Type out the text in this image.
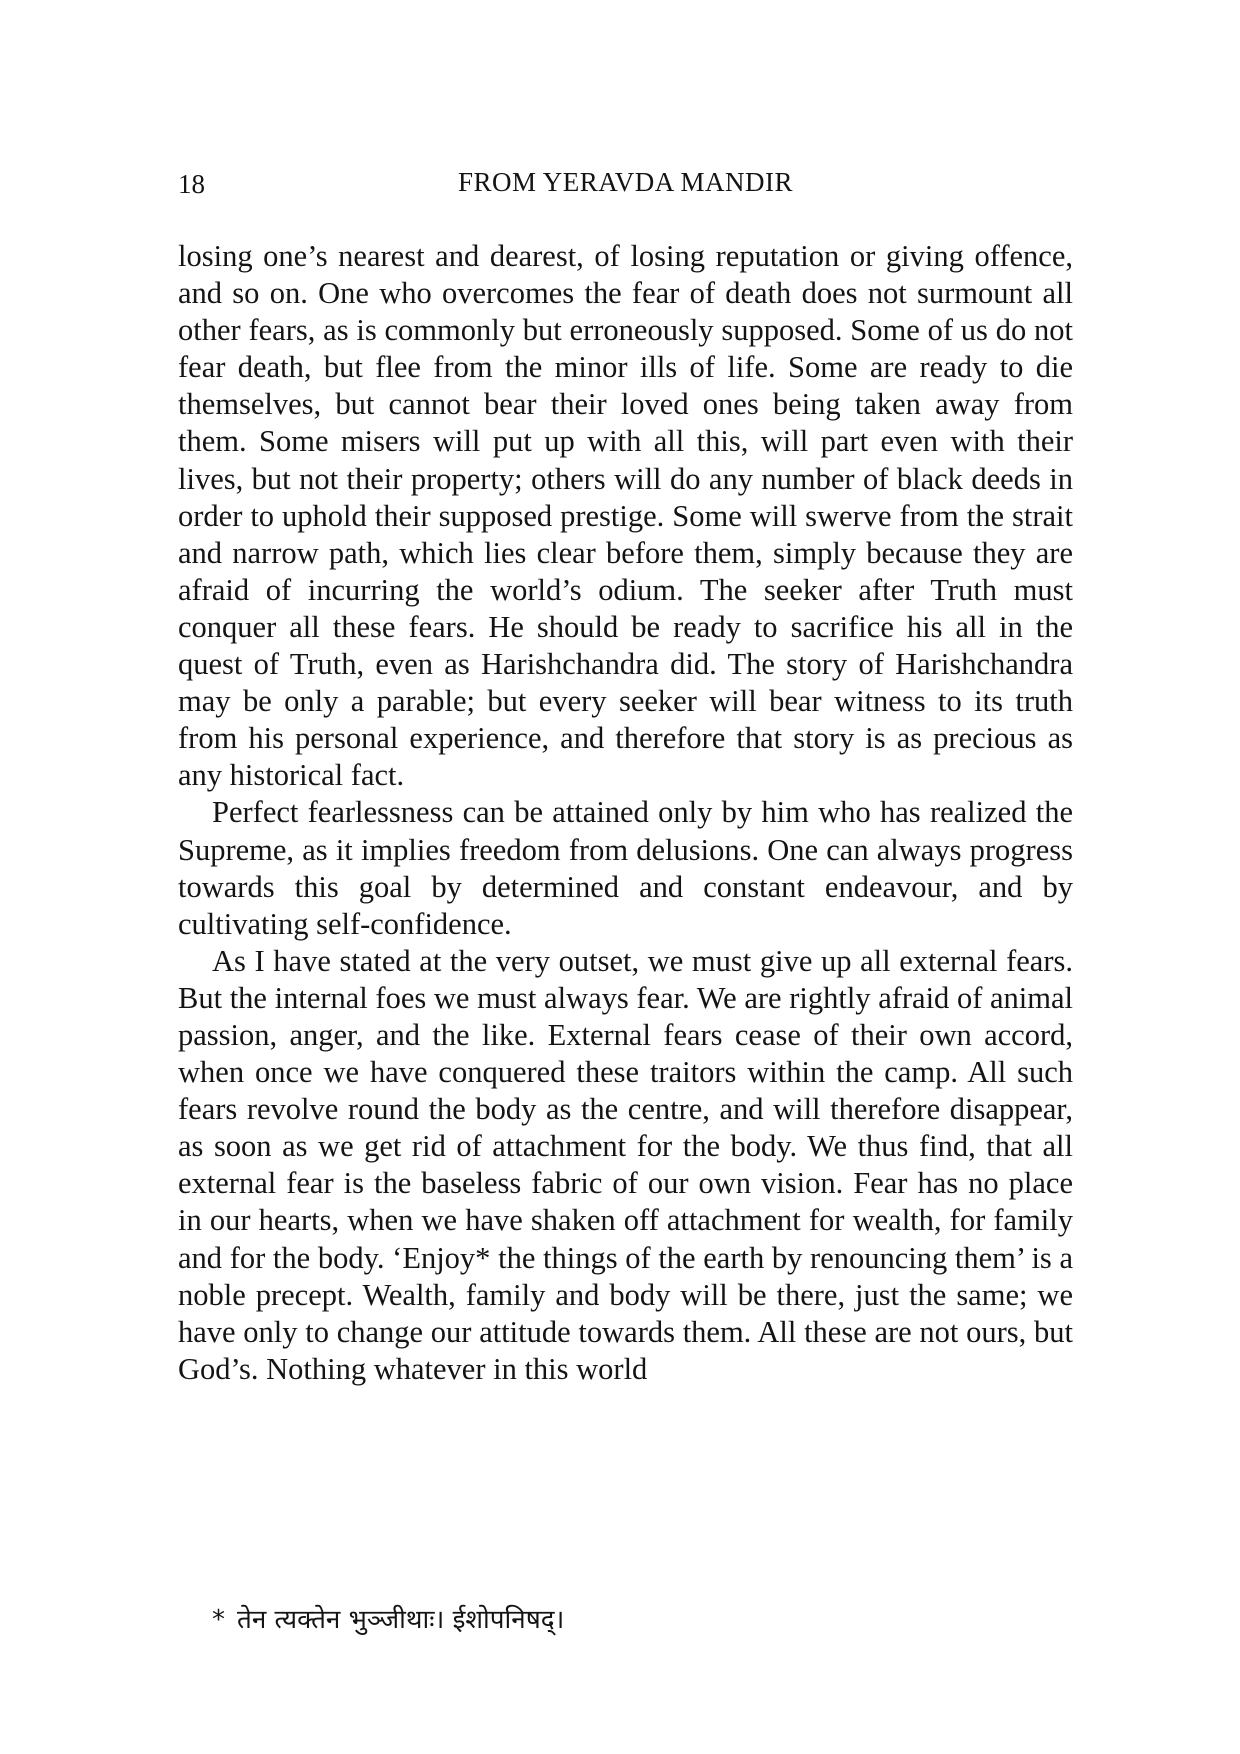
18	FROM YERAVDA MANDIR

losing one’s nearest and dearest, of losing reputation or giving offence, and so on. One who overcomes the fear of death does not surmount all other fears, as is commonly but erroneously supposed. Some of us do not fear death, but flee from the minor ills of life. Some are ready to die themselves, but cannot bear their loved ones being taken away from them. Some misers will put up with all this, will part even with their lives, but not their property; others will do any number of black deeds in order to uphold their supposed prestige. Some will swerve from the strait and narrow path, which lies clear before them, simply because they are afraid of incurring the world’s odium. The seeker after Truth must conquer all these fears. He should be ready to sacrifice his all in the quest of Truth, even as Harishchandra did. The story of Harishchandra may be only a parable; but every seeker will bear witness to its truth from his personal experience, and therefore that story is as precious as any historical fact.

Perfect fearlessness can be attained only by him who has realized the Supreme, as it implies freedom from delusions. One can always progress towards this goal by determined and constant endeavour, and by cultivating self-confidence.

As I have stated at the very outset, we must give up all external fears. But the internal foes we must always fear. We are rightly afraid of animal passion, anger, and the like. External fears cease of their own accord, when once we have conquered these traitors within the camp. All such fears revolve round the body as the centre, and will therefore disappear, as soon as we get rid of attachment for the body. We thus find, that all external fear is the baseless fabric of our own vision. Fear has no place in our hearts, when we have shaken off attachment for wealth, for family and for the body. ‘Enjoy* the things of the earth by renouncing them’ is a noble precept. Wealth, family and body will be there, just the same; we have only to change our attitude towards them. All these are not ours, but God’s. Nothing whatever in this world

* तेन त्यक्तेन भुञ्जीथाः। ईशोपनिषद्।
